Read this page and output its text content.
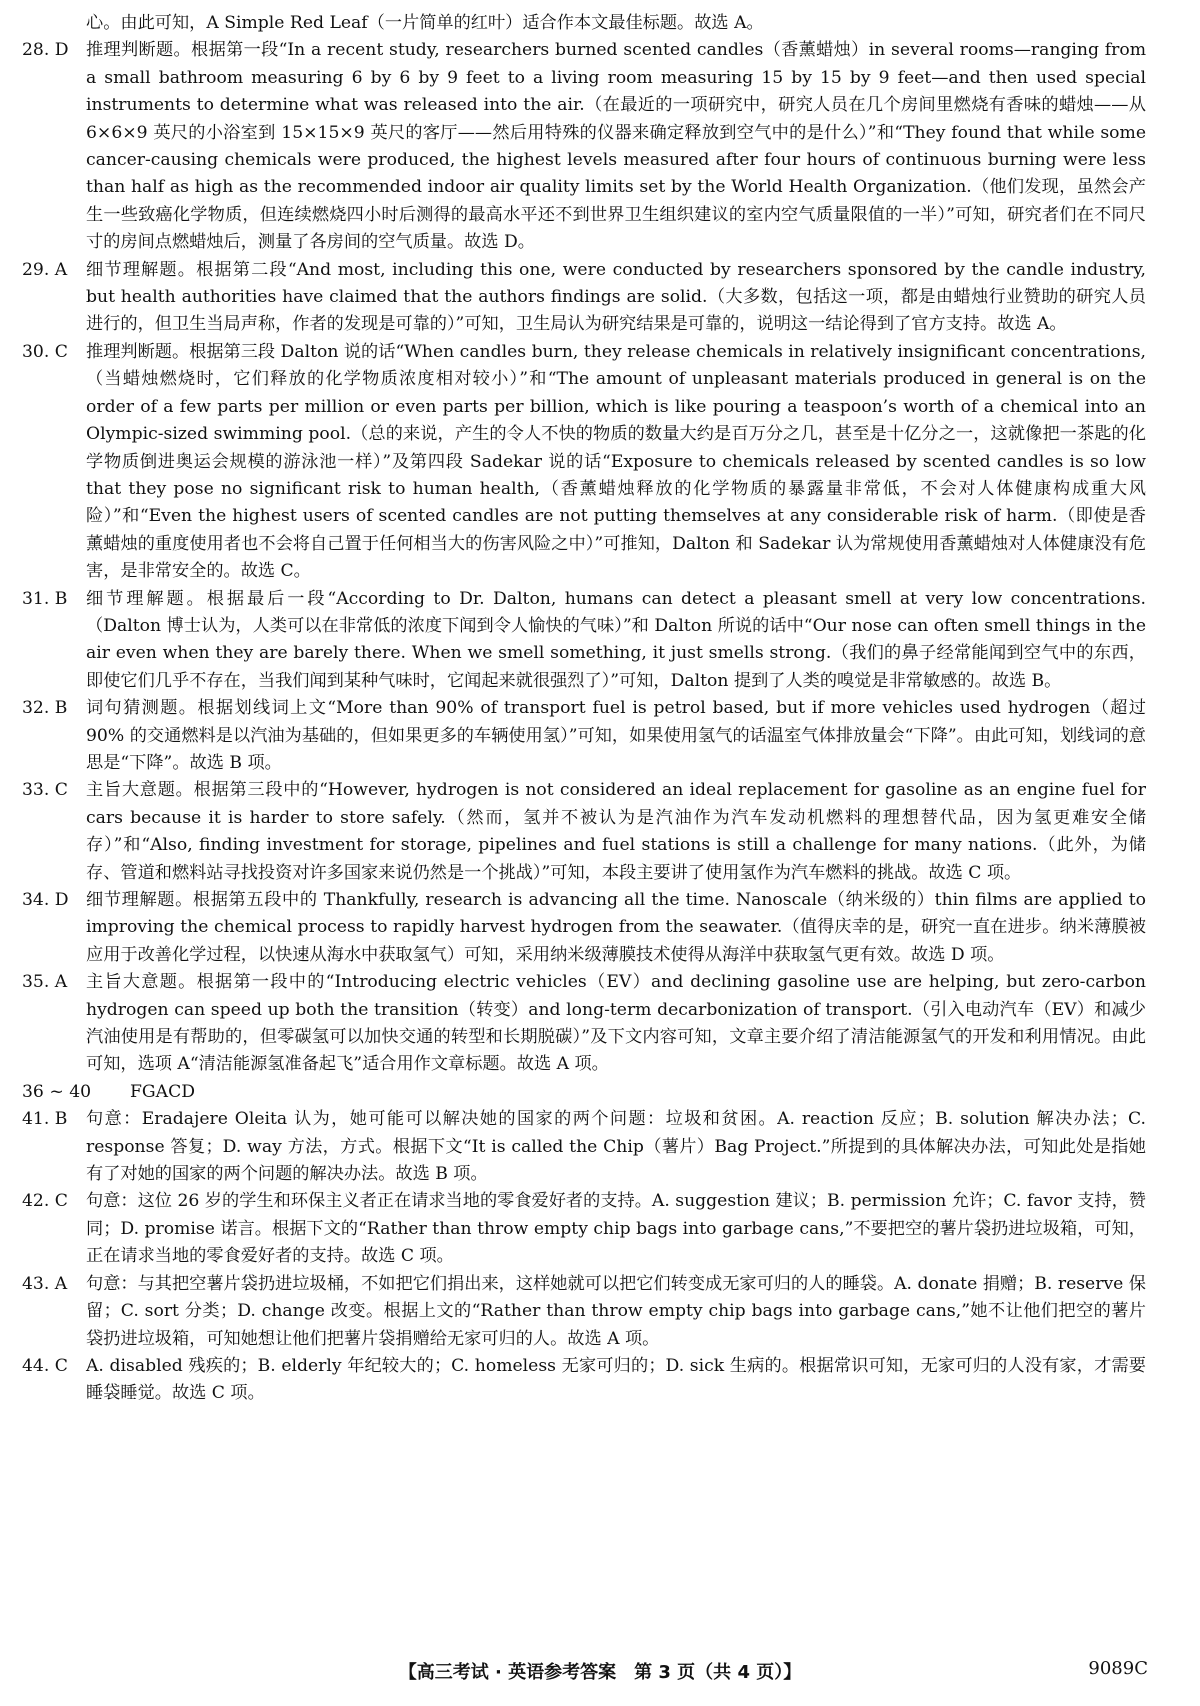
心。由此可知，A Simple Red Leaf（一片简单的红叶）适合作本文最佳标题。故选 A。

28. D 推理判断题。根据第一段“In a recent study, researchers burned scented candles（香薰蜡烛）in several rooms—ranging from a small bathroom measuring 6 by 6 by 9 feet to a living room measuring 15 by 15 by 9 feet—and then used special instruments to determine what was released into the air.（在最近的一项研究中，研究人员在几个房间里燃烧有香味的蜡烛——从 6×6×9 英尺的小浴室到 15×15×9 英尺的客厅——然后用特殊的仪器来确定释放到空气中的是什么）”和“They found that while some cancer-causing chemicals were produced, the highest levels measured after four hours of continuous burning were less than half as high as the recommended indoor air quality limits set by the World Health Organization.（他们发现，虽然会产生一些致癌化学物质，但连续燃烧四小时后测得的最高水平还不到世界卫生组织建议的室内空气质量限值的一半）”可知，研究者们在不同尺寸的房间点燃蜡烛后，测量了各房间的空气质量。故选 D。
29. A 细节理解题。根据第二段“And most, including this one, were conducted by researchers sponsored by the candle industry, but health authorities have claimed that the authors findings are solid.（大多数，包括这一项，都是由蜡烛行业赞助的研究人员进行的，但卫生当局声称，作者的发现是可靠的）”可知，卫生局认为研究结果是可靠的，说明这一结论得到了官方支持。故选 A。
30. C 推理判断题。根据第三段 Dalton 说的话“When candles burn, they release chemicals in relatively insignificant concentrations,（当蜡烛燃烧时，它们释放的化学物质浓度相对较小）”和“The amount of unpleasant materials produced in general is on the order of a few parts per million or even parts per billion, which is like pouring a teaspoon’s worth of a chemical into an Olympic-sized swimming pool.（总的来说，产生的令人不快的物质的数量大约是百万分之几，甚至是十亿分之一，这就像把一茶匙的化学物质倒进奥运会规模的游泳池一样）”及第四段 Sadekar 说的话“Exposure to chemicals released by scented candles is so low that they pose no significant risk to human health,（香薰蜡烛释放的化学物质的暴露量非常低，不会对人体健康构成重大风险）”和“Even the highest users of scented candles are not putting themselves at any considerable risk of harm.（即使是香薰蜡烛的重度使用者也不会将自己置于任何相当大的伤害风险之中）”可推知，Dalton 和 Sadekar 认为常规使用香薰蜡烛对人体健康没有危害，是非常安全的。故选 C。
31. B 细节理解题。根据最后一段“According to Dr. Dalton, humans can detect a pleasant smell at very low concentrations.（Dalton 博士认为，人类可以在非常低的浓度下闻到令人愉快的气味）”和 Dalton 所说的话中“Our nose can often smell things in the air even when they are barely there. When we smell something, it just smells strong.（我们的鼻子经常能闻到空气中的东西，即使它们几乎不存在，当我们闻到某种气味时，它闻起来就很强烈了）”可知，Dalton 提到了人类的嗅觉是非常敏感的。故选 B。
32. B 词句猜测题。根据划线词上文“More than 90% of transport fuel is petrol based, but if more vehicles used hydrogen（超过 90% 的交通燃料是以汽油为基础的，但如果更多的车辆使用氢）”可知，如果使用氢气的话温室气体排放量会“下降”。由此可知，划线词的意思是“下降”。故选 B 项。
33. C 主旨大意题。根据第三段中的“However, hydrogen is not considered an ideal replacement for gasoline as an engine fuel for cars because it is harder to store safely.（然而，氢并不被认为是汽油作为汽车发动机燃料的理想替代品，因为氢更难安全储存）”和“Also, finding investment for storage, pipelines and fuel stations is still a challenge for many nations.（此外，为储存、管道和燃料站寻找投资对许多国家来说仍然是一个挑战）”可知，本段主要讲了使用氢作为汽车燃料的挑战。故选 C 项。
34. D 细节理解题。根据第五段中的 Thankfully, research is advancing all the time. Nanoscale（纳米级的）thin films are applied to improving the chemical process to rapidly harvest hydrogen from the seawater.（值得庆幸的是，研究一直在进步。纳米薄膜被应用于改善化学过程，以快速从海水中获取氢气）可知，采用纳米级薄膜技术使得从海洋中获取氢气更有效。故选 D 项。
35. A 主旨大意题。根据第一段中的“Introducing electric vehicles（EV）and declining gasoline use are helping, but zero-carbon hydrogen can speed up both the transition（转变）and long-term decarbonization of transport.（引入电动汽车（EV）和减少汽油使用是有帮助的，但零碳氢可以加快交通的转型和长期脱碳）”及下文内容可知，文章主要介绍了清洁能源氢气的开发和利用情况。由此可知，选项 A“清洁能源氢准备起飞”适合用作文章标题。故选 A 项。
36 ~ 40 FGACD
41. B 句意：Eradajere Oleita 认为，她可能可以解决她的国家的两个问题：垃圾和贫困。A. reaction 反应；B. solution 解决办法；C. response 答复；D. way 方法，方式。根据下文“It is called the Chip（薯片）Bag Project.”所提到的具体解决办法，可知此处是指她有了对她的国家的两个问题的解决办法。故选 B 项。
42. C 句意：这位 26 岁的学生和环保主义者正在请求当地的零食爱好者的支持。A. suggestion 建议；B. permission 允许；C. favor 支持，赞同；D. promise 诺言。根据下文的“Rather than throw empty chip bags into garbage cans,”不要把空的薯片袋扔进垃圾箱，可知，正在请求当地的零食爱好者的支持。故选 C 项。
43. A 句意：与其把空薯片袋扔进垃圾桶，不如把它们捐出来，这样她就可以把它们转变成无家可归的人的睡袋。A. donate 捐赠；B. reserve 保留；C. sort 分类；D. change 改变。根据上文的“Rather than throw empty chip bags into garbage cans,”她不让他们把空的薯片袋扔进垃圾箱，可知她想让他们把薯片袋捐赠给无家可归的人。故选 A 项。
44. C A. disabled 残疾的；B. elderly 年纪较大的；C. homeless 无家可归的；D. sick 生病的。根据常识可知，无家可归的人没有家，才需要睡袋睡觉。故选 C 项。
【高三考试 · 英语参考答案　第 3 页（共 4 页）】	9089C
